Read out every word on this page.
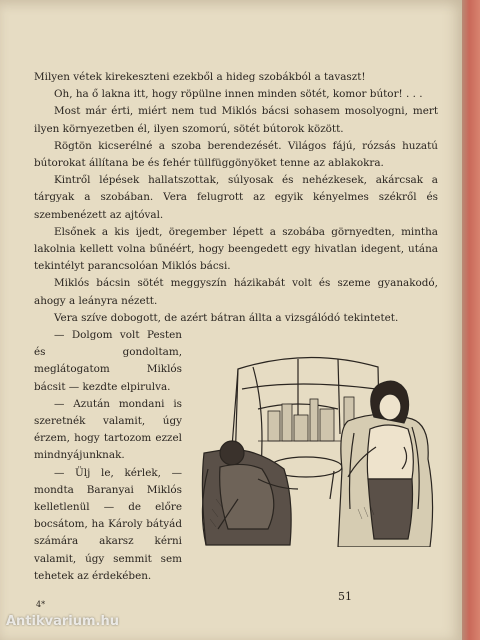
Milyen vétek kirekeszteni ezekből a hideg szobákból a tavaszt!

Oh, ha ő lakna itt, hogy röpülne innen minden sötét, komor bútor! . . .

Most már érti, miért nem tud Miklós bácsi sohasem mosolyogni, mert ilyen környezetben él, ilyen szomorú, sötét bútorok között.

Rögtön kicserélné a szoba berendezését. Világos fájú, rózsás huzatú bútorokat állítana be és fehér tüllfüggönyöket tenne az ablakokra.

Kintről lépések hallatszottak, súlyosak és nehézkesek, akárcsak a tárgyak a szobában. Vera felugrott az egyik kényelmes székről és szembenézett az ajtóval.

Elsőnek a kis ijedt, öregember lépett a szobába görnyedten, mintha lakolnia kellett volna bűnéért, hogy beengedett egy hivatlan idegent, utána tekintélyt parancsolóan Miklós bácsi.

Miklós bácsin sötét meggyszín házikabát volt és szeme gyanakodó, ahogy a leányra nézett.

Vera szíve dobogott, de azért bátran állta a vizsgálódó tekintetet.

— Dolgom volt Pesten és gondoltam, meglátogatom Miklós bácsit — kezdte elpirulva.

— Azután mondani is szeretnék valamit, úgy érzem, hogy tartozom ezzel mindnyájunknak.

— Ülj le, kérlek, — mondta Baranyai Miklós kelletlenül — de előre bocsátom, ha Károly bátyád számára akarsz kérni valamit, úgy semmit sem tehetek az érdekében.

51
4*
Antikvarium.hu
